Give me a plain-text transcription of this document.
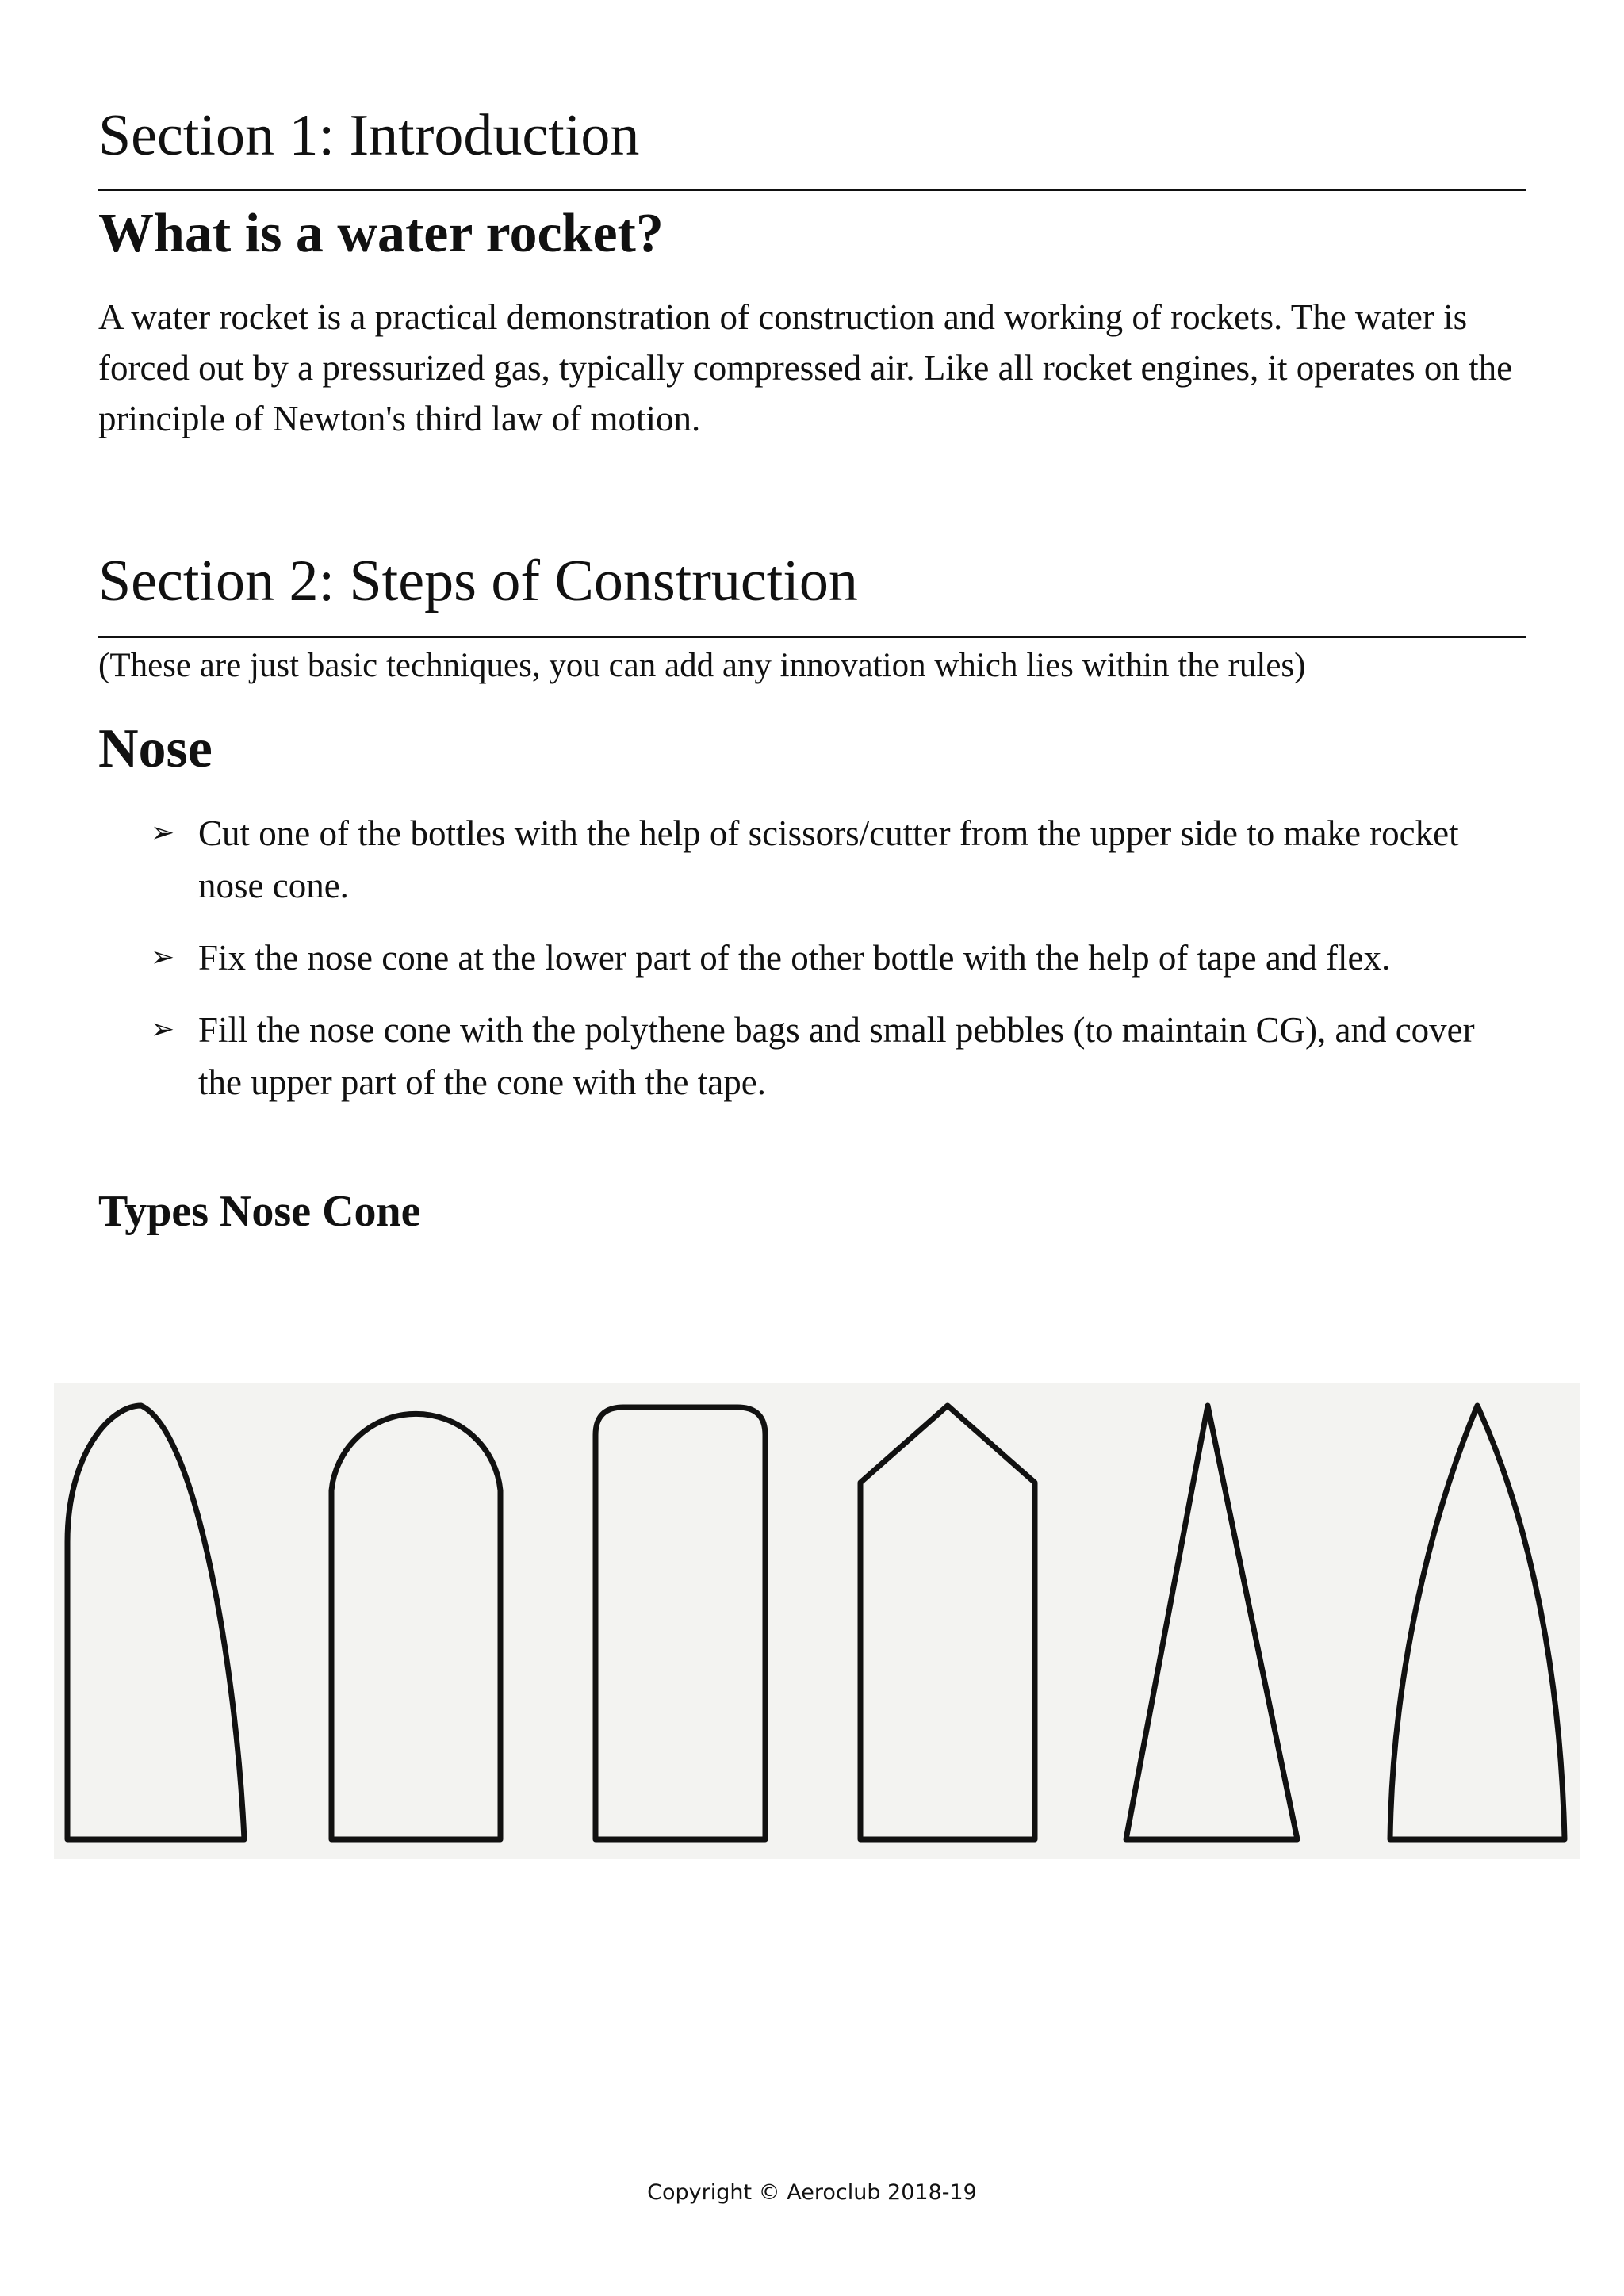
Section 1: Introduction
What is a water rocket?

A water rocket is a practical demonstration of construction and working of rockets. The water is forced out by a pressurized gas, typically compressed air. Like all rocket engines, it operates on the principle of Newton's third law of motion.

Section 2: Steps of Construction

(These are just basic techniques, you can add any innovation which lies within the rules)

Nose
➢ Cut one of the bottles with the help of scissors/cutter from the upper side to make rocket nose cone.
➢ Fix the nose cone at the lower part of the other bottle with the help of tape and flex.
➢ Fill the nose cone with the polythene bags and small pebbles (to maintain CG), and cover the upper part of the cone with the tape.
Types Nose Cone
Copyright © Aeroclub 2018-19
